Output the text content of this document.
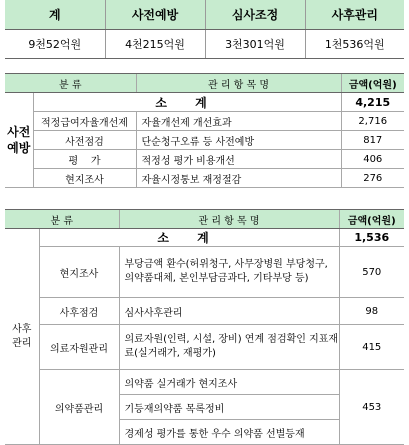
계	사전예방	심사조정	사후관리
9천52억원	4천215억원	3천301억원	1천536억원
분 류		관 리 항 목 명	금액(억원)
사전
예방	소 계		4,215
	적정급여자율개선제	자율개선제 개선효과	2,716
	사전점검	단순청구오류 등 사전예방	817
	평    가	적정성 평가 비용개선	406
	현지조사	자율시정통보 재정절감	276
분 류		관 리 항 목 명	금액(억원)
사후
관리	소 계		1,536
	현지조사	부당금액 환수(허위청구, 사무장병원 부당청구, 의약품대체, 본인부담금과다, 기타부당 등)	570
	사후점검	심사사후관리	98
	의료자원관리	의료자원(인력, 시설, 장비) 연계 점검확인 지표재료(실거래가, 재평가)	415
	의약품관리	의약품 실거래가 현지조사	453
		기등재의약품 목록정비	
		경제성 평가를 통한 우수 의약품 선별등재	
